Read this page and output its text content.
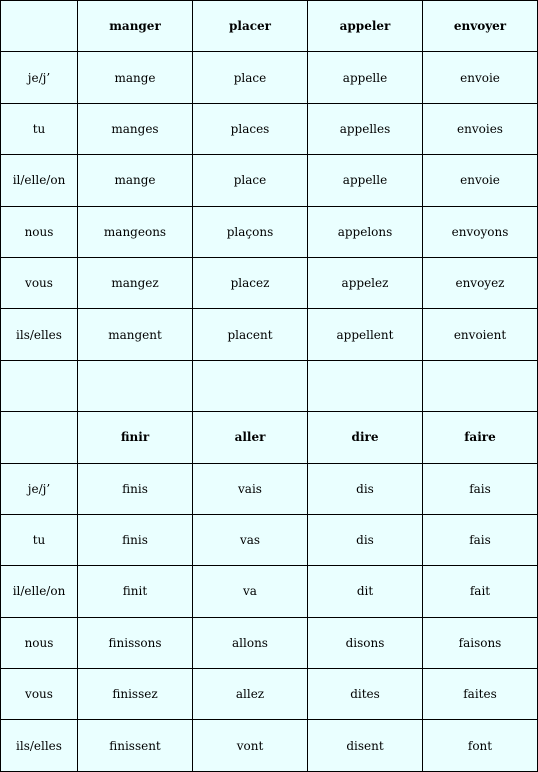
	manger	placer	appeler	envoyer
je/j’	mange	place	appelle	envoie
tu	manges	places	appelles	envoies
il/elle/on	mange	place	appelle	envoie
nous	mangeons	plaçons	appelons	envoyons
vous	mangez	placez	appelez	envoyez
ils/elles	mangent	placent	appellent	envoient

	finir	aller	dire	faire
je/j’	finis	vais	dis	fais
tu	finis	vas	dis	fais
il/elle/on	finit	va	dit	fait
nous	finissons	allons	disons	faisons
vous	finissez	allez	dites	faites
ils/elles	finissent	vont	disent	font
